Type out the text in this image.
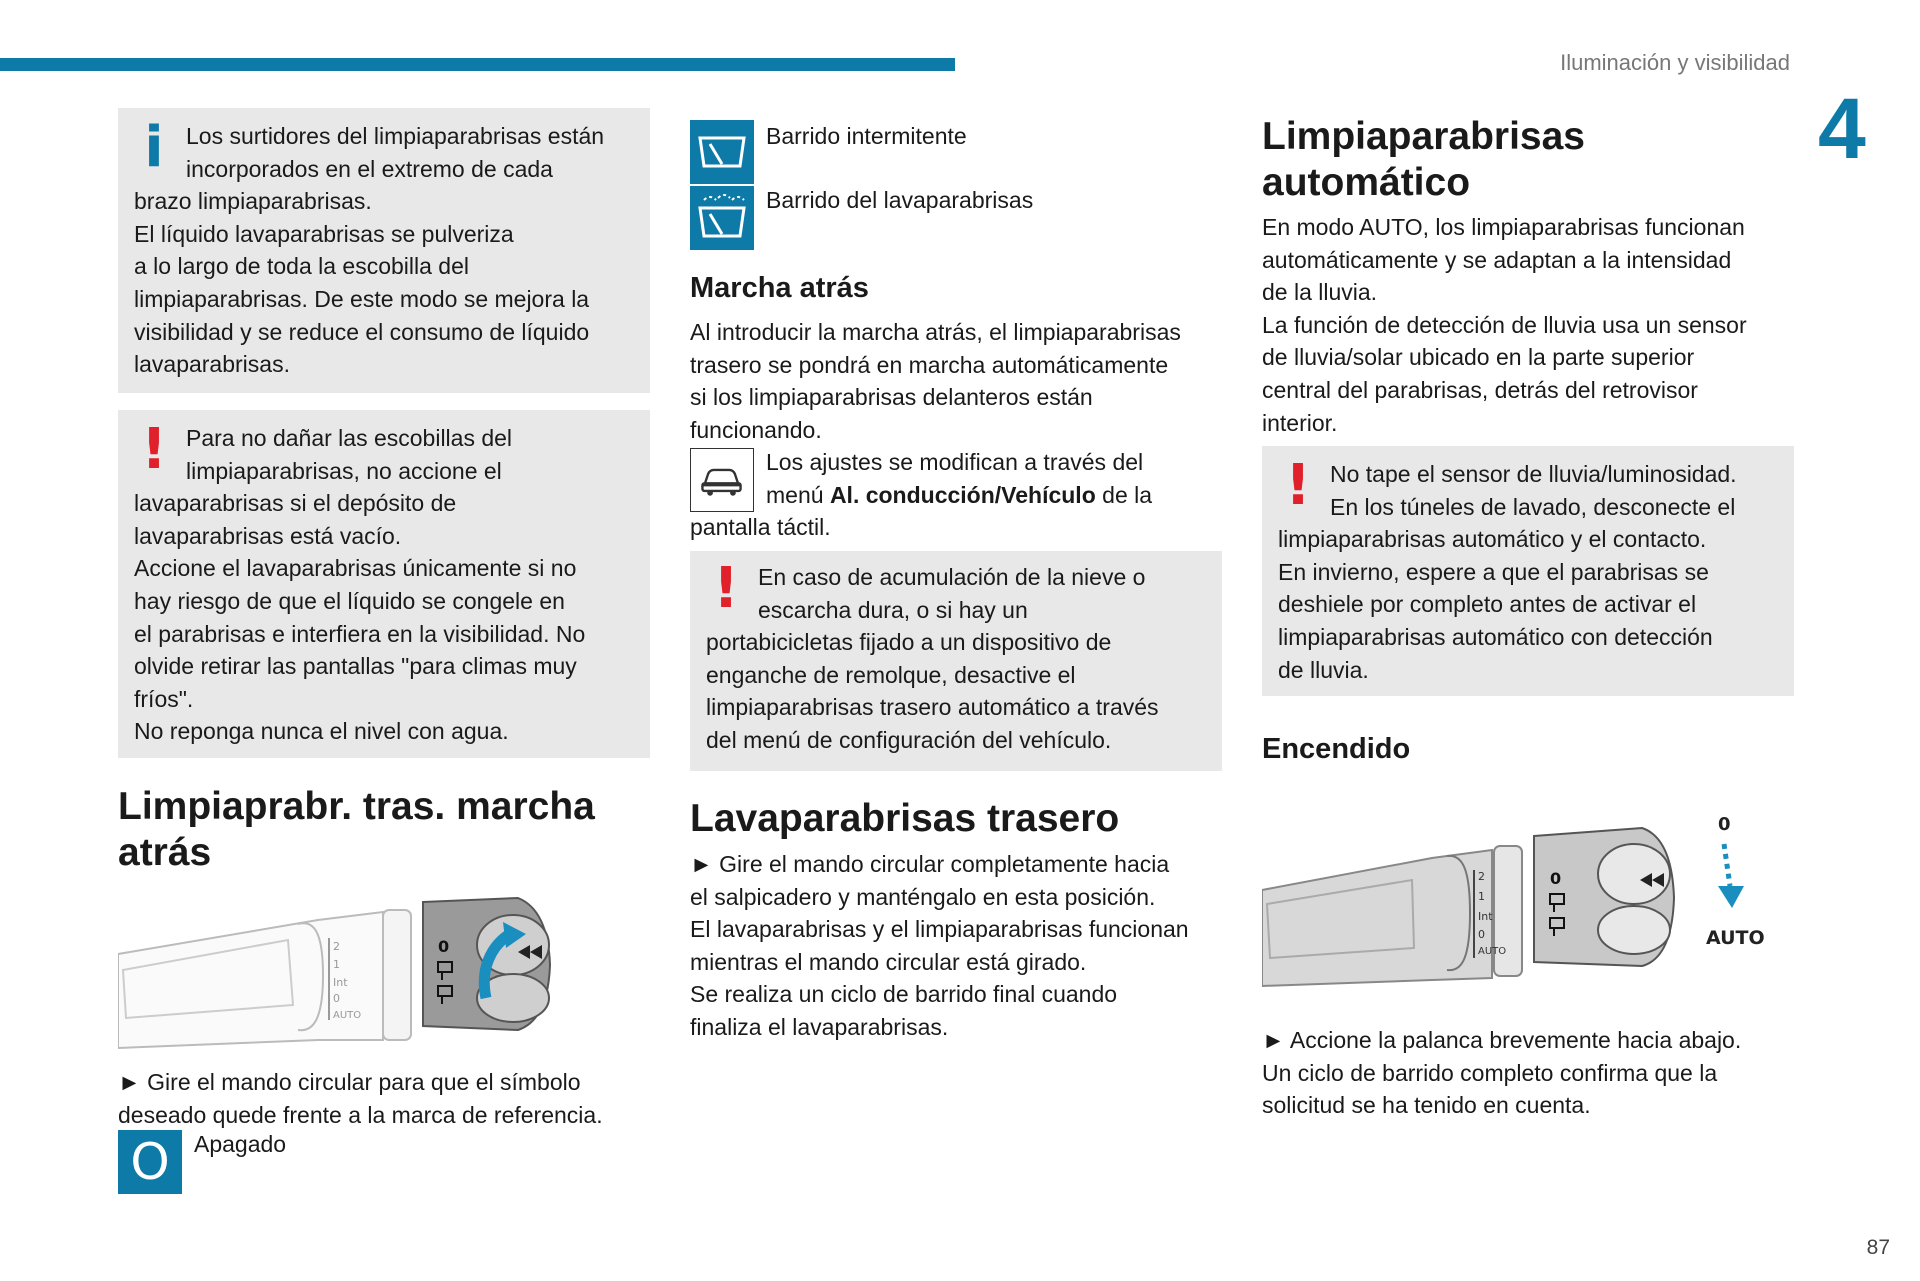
Iluminación y visibilidad
4
i Los surtidores del limpiaparabrisas están

incorporados en el extremo de cada

brazo limpiaparabrisas.

El líquido lavaparabrisas se pulveriza

a lo largo de toda la escobilla del

limpiaparabrisas. De este modo se mejora la

visibilidad y se reduce el consumo de líquido

lavaparabrisas.

! Para no dañar las escobillas del

limpiaparabrisas, no accione el

lavaparabrisas si el depósito de

lavaparabrisas está vacío.

Accione el lavaparabrisas únicamente si no

hay riesgo de que el líquido se congele en

el parabrisas e interfiera en la visibilidad. No

olvide retirar las pantallas "para climas muy

fríos".

No reponga nunca el nivel con agua.

Limpiaprabr. tras. marcha
atrás
2
1
Int
0
AUTO
0

► Gire el mando circular para que el símbolo

deseado quede frente a la marca de referencia.

O	Apagado
Barrido intermitente
Barrido del lavaparabrisas
Marcha atrás

Al introducir la marcha atrás, el limpiaparabrisas

trasero se pondrá en marcha automáticamente

si los limpiaparabrisas delanteros están

funcionando.

Los ajustes se modifican a través del

menú Al. conducción/Vehículo de la

pantalla táctil.
! En caso de acumulación de la nieve o

escarcha dura, o si hay un

portabicicletas fijado a un dispositivo de

enganche de remolque, desactive el

limpiaparabrisas trasero automático a través

del menú de configuración del vehículo.

Lavaparabrisas trasero

► Gire el mando circular completamente hacia

el salpicadero y manténgalo en esta posición.

El lavaparabrisas y el limpiaparabrisas funcionan

mientras el mando circular está girado.

Se realiza un ciclo de barrido final cuando

finaliza el lavaparabrisas.

Limpiaparabrisas
automático

En modo AUTO, los limpiaparabrisas funcionan

automáticamente y se adaptan a la intensidad

de la lluvia.

La función de detección de lluvia usa un sensor

de lluvia/solar ubicado en la parte superior

central del parabrisas, detrás del retrovisor

interior.

! No tape el sensor de lluvia/luminosidad.

En los túneles de lavado, desconecte el

limpiaparabrisas automático y el contacto.

En invierno, espere a que el parabrisas se

deshiele por completo antes de activar el

limpiaparabrisas automático con detección

de lluvia.

Encendido
2
1
Int
0
AUTO
0
0
AUTO

► Accione la palanca brevemente hacia abajo.

Un ciclo de barrido completo confirma que la

solicitud se ha tenido en cuenta.

87
